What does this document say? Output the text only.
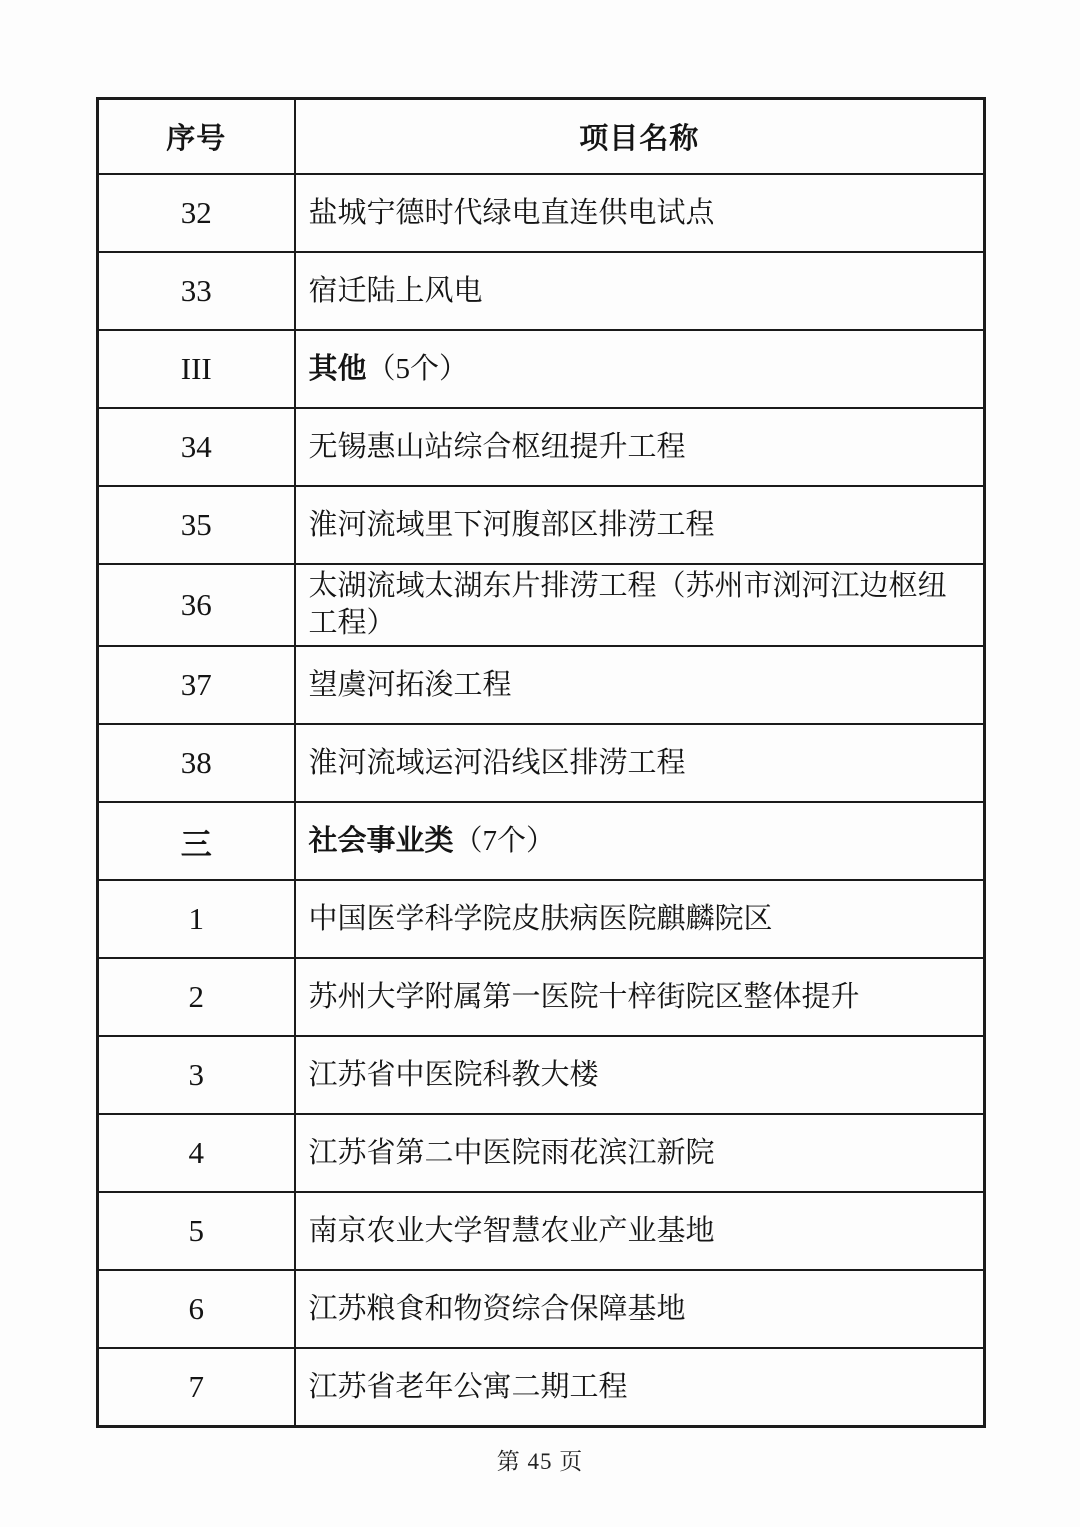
序号	项目名称
32	盐城宁德时代绿电直连供电试点
33	宿迁陆上风电
III	其他（5个）
34	无锡惠山站综合枢纽提升工程
35	淮河流域里下河腹部区排涝工程
36	太湖流域太湖东片排涝工程（苏州市浏河江边枢纽工程）
37	望虞河拓浚工程
38	淮河流域运河沿线区排涝工程
三	社会事业类（7个）
1	中国医学科学院皮肤病医院麒麟院区
2	苏州大学附属第一医院十梓街院区整体提升
3	江苏省中医院科教大楼
4	江苏省第二中医院雨花滨江新院
5	南京农业大学智慧农业产业基地
6	江苏粮食和物资综合保障基地
7	江苏省老年公寓二期工程
第 45 页
